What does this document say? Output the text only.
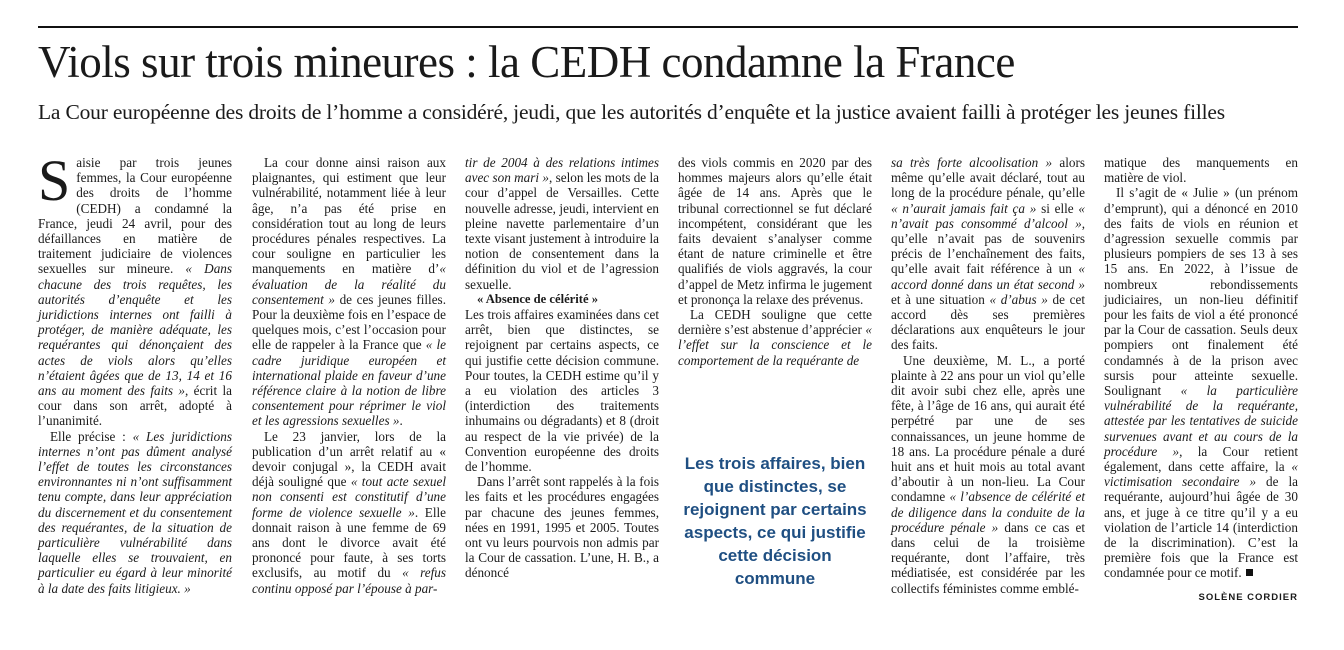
Viols sur trois mineures : la CEDH condamne la France

La Cour européenne des droits de l’homme a considéré, jeudi, que les autorités d’enquête et la justice avaient failli à protéger les jeunes filles

Saisie par trois jeunes femmes, la Cour européenne des droits de l’homme (CEDH) a condamné la France, jeudi 24 avril, pour des défaillances en matière de traitement judiciaire de violences sexuelles sur mineure. « Dans chacune des trois requêtes, les autorités d’enquête et les juridictions internes ont failli à protéger, de manière adéquate, les requérantes qui dénonçaient des actes de viols alors qu’elles n’étaient âgées que de 13, 14 et 16 ans au moment des faits », écrit la cour dans son arrêt, adopté à l’unanimité.

Elle précise : « Les juridictions internes n’ont pas dûment analysé l’effet de toutes les circonstances environnantes ni n’ont suffisamment tenu compte, dans leur appréciation du discernement et du consentement des requérantes, de la situation de particulière vulnérabilité dans laquelle elles se trouvaient, en particulier eu égard à leur minorité à la date des faits litigieux. »

La cour donne ainsi raison aux plaignantes, qui estiment que leur vulnérabilité, notamment liée à leur âge, n’a pas été prise en considération tout au long de leurs procédures pénales respectives. La cour souligne en particulier les manquements en matière d’« évaluation de la réalité du consentement » de ces jeunes filles. Pour la deuxième fois en l’espace de quelques mois, c’est l’occasion pour elle de rappeler à la France que « le cadre juridique européen et international plaide en faveur d’une référence claire à la notion de libre consentement pour réprimer le viol et les agressions sexuelles ».

Le 23 janvier, lors de la publication d’un arrêt relatif au « devoir conjugal », la CEDH avait déjà souligné que « tout acte sexuel non consenti est constitutif d’une forme de violence sexuelle ». Elle donnait raison à une femme de 69 ans dont le divorce avait été prononcé pour faute, à ses torts exclusifs, au motif du « refus continu opposé par l’épouse à par-

tir de 2004 à des relations intimes avec son mari », selon les mots de la cour d’appel de Versailles. Cette nouvelle adresse, jeudi, intervient en pleine navette parlementaire d’un texte visant justement à introduire la notion de consentement dans la définition du viol et de l’agression sexuelle.

« Absence de célérité »

Les trois affaires examinées dans cet arrêt, bien que distinctes, se rejoignent par certains aspects, ce qui justifie cette décision commune. Pour toutes, la CEDH estime qu’il y a eu violation des articles 3 (interdiction des traitements inhumains ou dégradants) et 8 (droit au respect de la vie privée) de la Convention européenne des droits de l’homme.

Dans l’arrêt sont rappelés à la fois les faits et les procédures engagées par chacune des jeunes femmes, nées en 1991, 1995 et 2005. Toutes ont vu leurs pourvois non admis par la Cour de cassation. L’une, H. B., a dénoncé

des viols commis en 2020 par des hommes majeurs alors qu’elle était âgée de 14 ans. Après que le tribunal correctionnel se fut déclaré incompétent, considérant que les faits devaient s’analyser comme étant de nature criminelle et être qualifiés de viols aggravés, la cour d’appel de Metz infirma le jugement et prononça la relaxe des prévenus.

La CEDH souligne que cette dernière s’est abstenue d’apprécier « l’effet sur la conscience et le comportement de la requérante de

Les trois affaires, bien que distinctes, se rejoignent par certains aspects, ce qui justifie cette décision commune

sa très forte alcoolisation » alors même qu’elle avait déclaré, tout au long de la procédure pénale, qu’elle « n’aurait jamais fait ça » si elle « n’avait pas consommé d’alcool », qu’elle n’avait pas de souvenirs précis de l’enchaînement des faits, qu’elle avait fait référence à un « accord donné dans un état second » et à une situation « d’abus » de cet accord dès ses premières déclarations aux enquêteurs le jour des faits.

Une deuxième, M. L., a porté plainte à 22 ans pour un viol qu’elle dit avoir subi chez elle, après une fête, à l’âge de 16 ans, qui aurait été perpétré par une de ses connaissances, un jeune homme de 18 ans. La procédure pénale a duré huit ans et huit mois au total avant d’aboutir à un non-lieu. La Cour condamne « l’absence de célérité et de diligence dans la conduite de la procédure pénale » dans ce cas et dans celui de la troisième requérante, dont l’affaire, très médiatisée, est considérée par les collectifs féministes comme emblé-

matique des manquements en matière de viol.

Il s’agit de « Julie » (un prénom d’emprunt), qui a dénoncé en 2010 des faits de viols en réunion et d’agression sexuelle commis par plusieurs pompiers de ses 13 à ses 15 ans. En 2022, à l’issue de nombreux rebondissements judiciaires, un non-lieu définitif pour les faits de viol a été prononcé par la Cour de cassation. Seuls deux pompiers ont finalement été condamnés à de la prison avec sursis pour atteinte sexuelle. Soulignant « la particulière vulnérabilité de la requérante, attestée par les tentatives de suicide survenues avant et au cours de la procédure », la Cour retient également, dans cette affaire, la « victimisation secondaire » de la requérante, aujourd’hui âgée de 30 ans, et juge à ce titre qu’il y a eu violation de l’article 14 (interdiction de la discrimination). C’est la première fois que la France est condamnée pour ce motif.

SOLÈNE CORDIER
